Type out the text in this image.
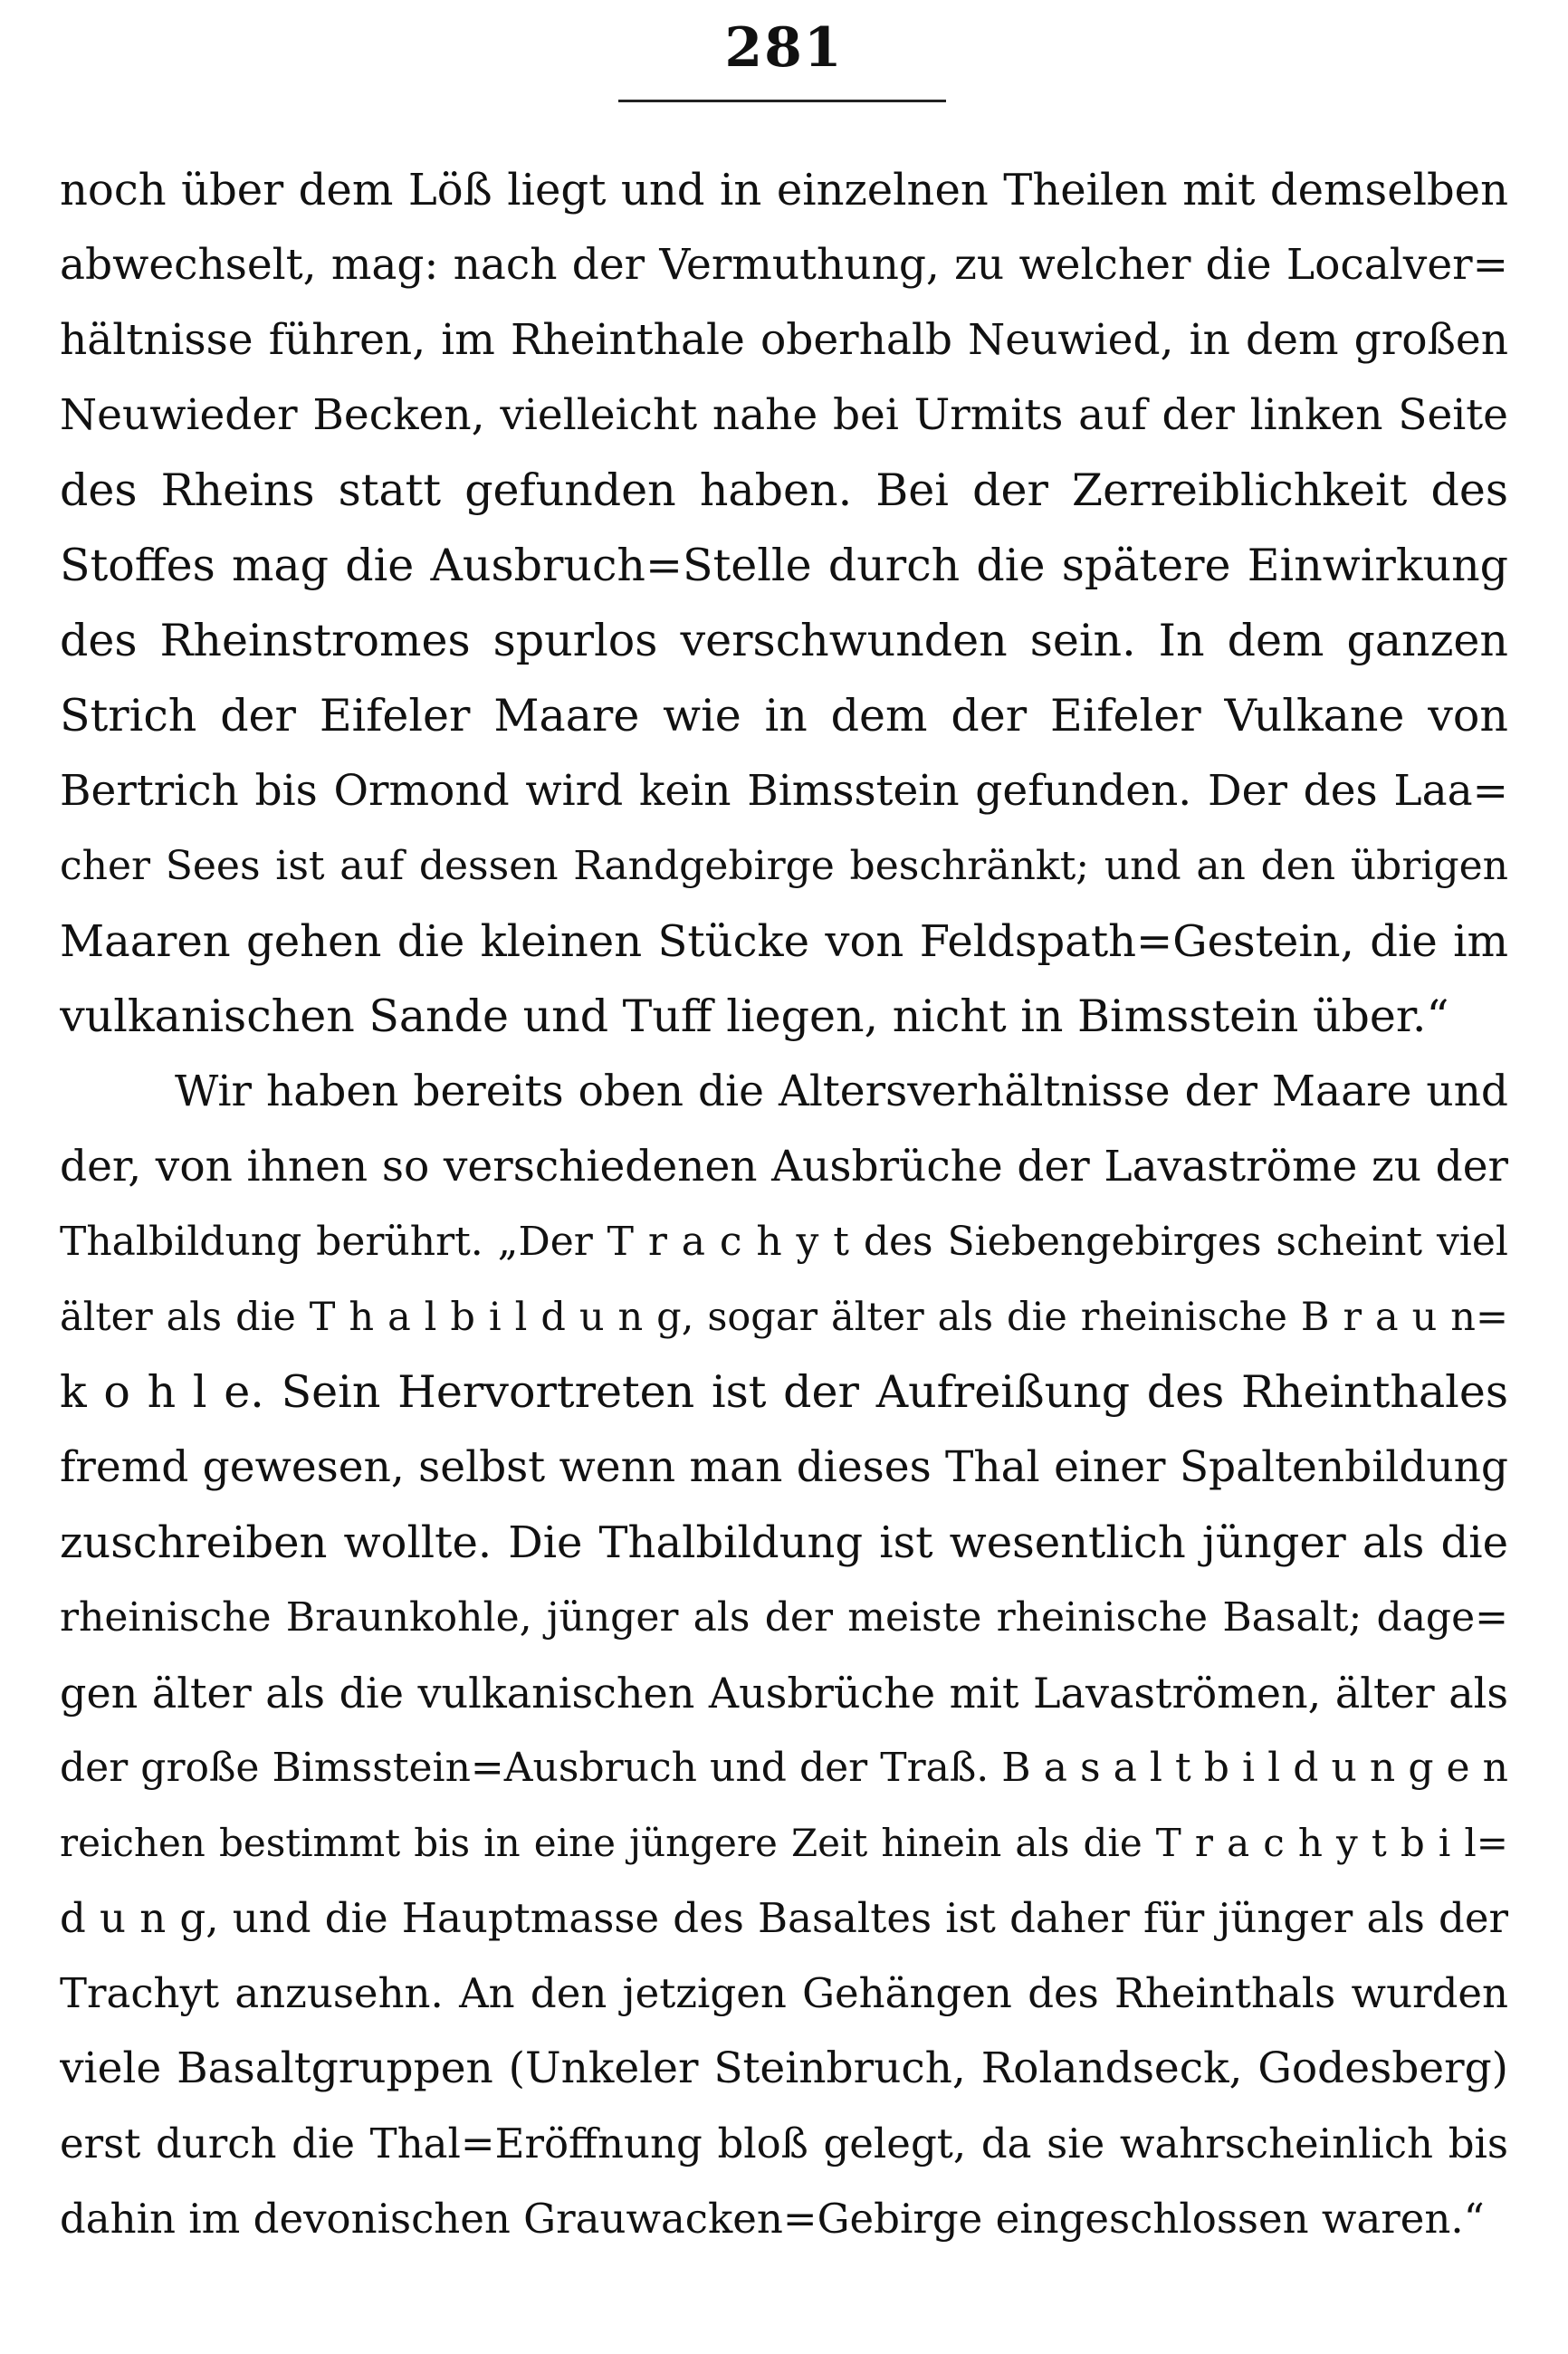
281
noch über dem Löß liegt und in einzelnen Theilen mit demselben
abwechselt, mag: nach der Vermuthung, zu welcher die Localver=
hältnisse führen, im Rheinthale oberhalb Neuwied, in dem großen
Neuwieder Becken, vielleicht nahe bei Urmits auf der linken Seite
des Rheins statt gefunden haben. Bei der Zerreiblichkeit des
Stoffes mag die Ausbruch=Stelle durch die spätere Einwirkung
des Rheinstromes spurlos verschwunden sein. In dem ganzen
Strich der Eifeler Maare wie in dem der Eifeler Vulkane von
Bertrich bis Ormond wird kein Bimsstein gefunden. Der des Laa=
cher Sees ist auf dessen Randgebirge beschränkt; und an den übrigen
Maaren gehen die kleinen Stücke von Feldspath=Gestein, die im
vulkanischen Sande und Tuff liegen, nicht in Bimsstein über.“
Wir haben bereits oben die Altersverhältnisse der Maare und
der, von ihnen so verschiedenen Ausbrüche der Lavaströme zu der
Thalbildung berührt. „Der T r a c h y t des Siebengebirges scheint viel
älter als die T h a l b i l d u n g, sogar älter als die rheinische B r a u n=
k o h l e. Sein Hervortreten ist der Aufreißung des Rheinthales
fremd gewesen, selbst wenn man dieses Thal einer Spaltenbildung
zuschreiben wollte. Die Thalbildung ist wesentlich jünger als die
rheinische Braunkohle, jünger als der meiste rheinische Basalt; dage=
gen älter als die vulkanischen Ausbrüche mit Lavaströmen, älter als
der große Bimsstein=Ausbruch und der Traß. B a s a l t b i l d u n g e n
reichen bestimmt bis in eine jüngere Zeit hinein als die T r a c h y t b i l=
d u n g, und die Hauptmasse des Basaltes ist daher für jünger als der
Trachyt anzusehn. An den jetzigen Gehängen des Rheinthals wurden
viele Basaltgruppen (Unkeler Steinbruch, Rolandseck, Godesberg)
erst durch die Thal=Eröffnung bloß gelegt, da sie wahrscheinlich bis
dahin im devonischen Grauwacken=Gebirge eingeschlossen waren.“
